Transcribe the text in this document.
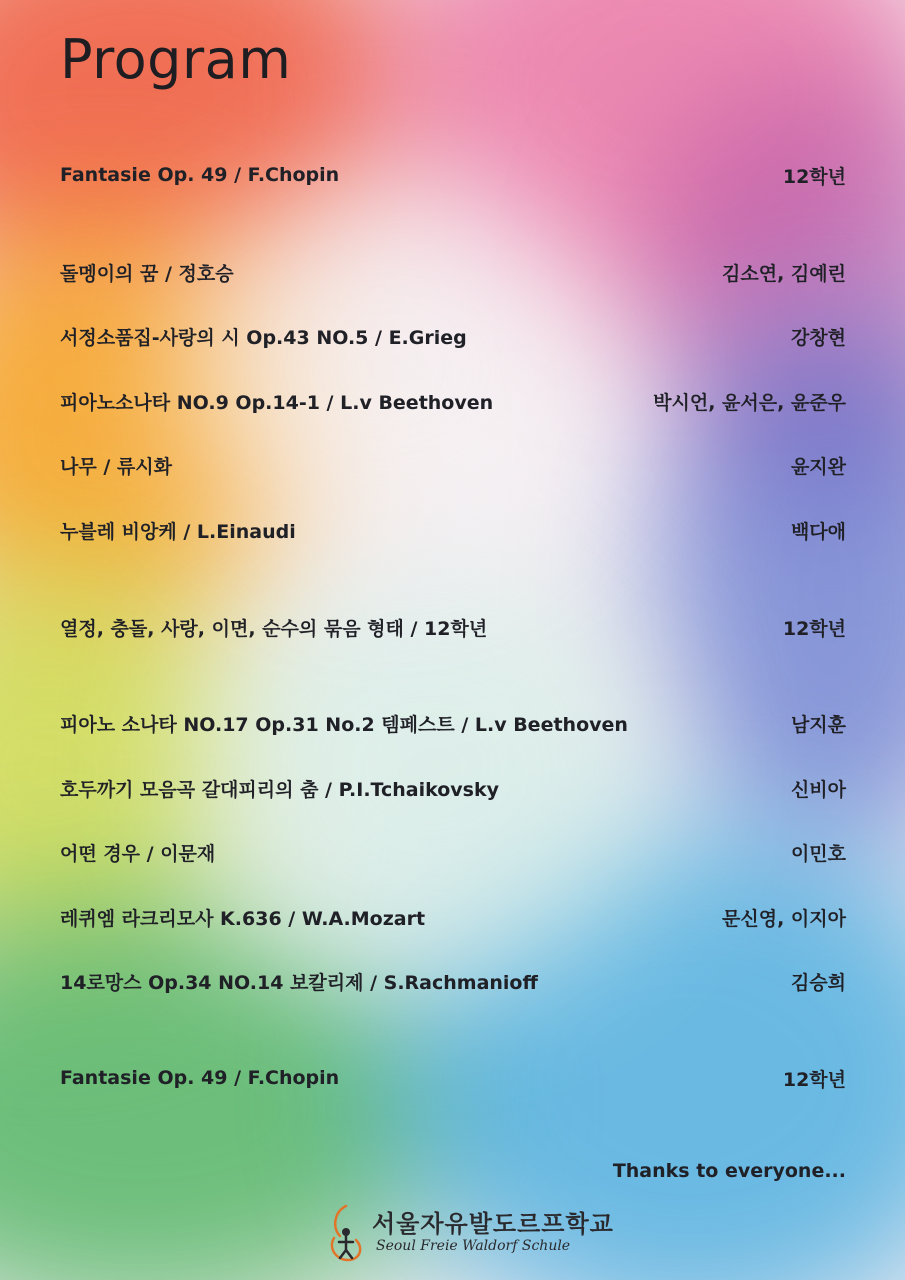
Program
Fantasie Op. 49 / F.Chopin	12학년
돌멩이의 꿈 / 정호승	김소연, 김예린
서정소품집-사랑의 시 Op.43 NO.5 / E.Grieg	강창현
피아노소나타 NO.9 Op.14-1 / L.v Beethoven	박시언, 윤서은, 윤준우
나무 / 류시화	윤지완
누블레 비앙케 / L.Einaudi	백다애
열정, 충돌, 사랑, 이면, 순수의 묶음 형태 / 12학년	12학년
피아노 소나타 NO.17 Op.31 No.2 템페스트 / L.v Beethoven	남지훈
호두까기 모음곡 갈대피리의 춤 / P.I.Tchaikovsky	신비아
어떤 경우 / 이문재	이민호
레퀴엠 라크리모사 K.636 / W.A.Mozart	문신영, 이지아
14로망스 Op.34 NO.14 보칼리제 / S.Rachmanioff	김승희
Fantasie Op. 49 / F.Chopin	12학년
Thanks to everyone...
서울자유발도르프학교
Seoul Freie Waldorf Schule
